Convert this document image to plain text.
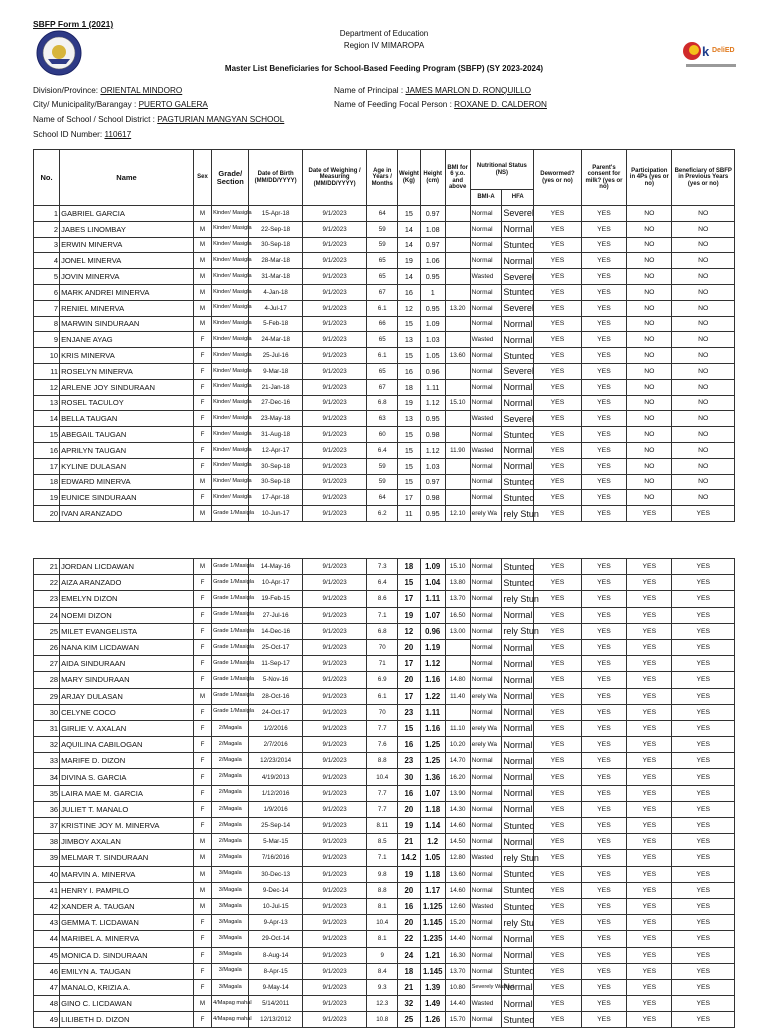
SBFP Form 1 (2021)
k DeliED
Department of Education
Region IV MIMAROPA
Master List Beneficiaries for School-Based Feeding Program (SBFP) (SY 2023-2024)
Division/Province: ORIENTAL MINDORO
City/ Municipality/Barangay : PUERTO GALERA
Name of School / School District : PAGTURIAN MANGYAN SCHOOL
School ID Number: 110617
Name of Principal : JAMES MARLON D. RONQUILLO
Name of Feeding Focal Person : ROXANE D. CALDERON
No.	Name	Sex	Grade/ Section	Date of Birth (MM/DD/YYYY)	Date of Weighing / Measuring (MM/DD/YYYY)	Age in Years / Months	Weight (Kg)	Height (cm)	BMI for 6 y.o. and above	Nutritional Status (NS)		Dewormed? (yes or no)	Parent's consent for milk? (yes or no)	Participation in 4Ps (yes or no)	Beneficiary of SBFP in Previous Years (yes or no)
										BMI-A	HFA				
1	GABRIEL GARCIA	M	Kinder/ Masigla	15-Apr-18	9/1/2023	64	15	0.97		Normal	Severel	YES	YES	NO	NO
2	JABES LINOMBAY	M	Kinder/ Masigla	22-Sep-18	9/1/2023	59	14	1.08		Normal	Normal	YES	YES	NO	NO
3	ERWIN MINERVA	M	Kinder/ Masigla	30-Sep-18	9/1/2023	59	14	0.97		Normal	Stunted	YES	YES	NO	NO
4	JONEL MINERVA	M	Kinder/ Masigla	28-Mar-18	9/1/2023	65	19	1.06		Normal	Normal	YES	YES	NO	NO
5	JOVIN MINERVA	M	Kinder/ Masigla	31-Mar-18	9/1/2023	65	14	0.95		Wasted	Severel	YES	YES	NO	NO
6	MARK ANDREI MINERVA	M	Kinder/ Masigla	4-Jan-18	9/1/2023	67	16	1		Normal	Stunted	YES	YES	NO	NO
7	RENIEL MINERVA	M	Kinder/ Masigla	4-Jul-17	9/1/2023	6.1	12	0.95	13.20	Normal	Severel	YES	YES	NO	NO
8	MARWIN SINDURAAN	M	Kinder/ Masigla	5-Feb-18	9/1/2023	66	15	1.09		Normal	Normal	YES	YES	NO	NO
9	ENJANE AYAG	F	Kinder/ Masigla	24-Mar-18	9/1/2023	65	13	1.03		Wasted	Normal	YES	YES	NO	NO
10	KRIS MINERVA	F	Kinder/ Masigla	25-Jul-16	9/1/2023	6.1	15	1.05	13.60	Normal	Stunted	YES	YES	NO	NO
11	ROSELYN MINERVA	F	Kinder/ Masigla	9-Mar-18	9/1/2023	65	16	0.96		Normal	Severel	YES	YES	NO	NO
12	ARLENE JOY SINDURAAN	F	Kinder/ Masigla	21-Jan-18	9/1/2023	67	18	1.11		Normal	Normal	YES	YES	NO	NO
13	ROSEL TACULOY	F	Kinder/ Masigla	27-Dec-16	9/1/2023	6.8	19	1.12	15.10	Normal	Normal	YES	YES	NO	NO
14	BELLA TAUGAN	F	Kinder/ Masigla	23-May-18	9/1/2023	63	13	0.95		Wasted	Severel	YES	YES	NO	NO
15	ABEGAIL TAUGAN	F	Kinder/ Masigla	31-Aug-18	9/1/2023	60	15	0.98		Normal	Stunted	YES	YES	NO	NO
16	APRILYN TAUGAN	F	Kinder/ Masigla	12-Apr-17	9/1/2023	6.4	15	1.12	11.90	Wasted	Normal	YES	YES	NO	NO
17	KYLINE DULASAN	F	Kinder/ Masigla	30-Sep-18	9/1/2023	59	15	1.03		Normal	Normal	YES	YES	NO	NO
18	EDWARD MINERVA	M	Kinder/ Masigla	30-Sep-18	9/1/2023	59	15	0.97		Normal	Stunted	YES	YES	NO	NO
19	EUNICE SINDURAAN	F	Kinder/ Masigla	17-Apr-18	9/1/2023	64	17	0.98		Normal	Stunted	YES	YES	NO	NO
20	IVAN ARANZADO	M	Grade 1/Masigla	10-Jun-17	9/1/2023	6.2	11	0.95	12.10	erely Wa	rely Stun	YES	YES	YES	YES
21	JORDAN LICDAWAN	M	Grade 1/Masigla	14-May-16	9/1/2023	7.3	18	1.09	15.10	Normal	Stunted	YES	YES	YES	YES
22	AIZA ARANZADO	F	Grade 1/Masigla	10-Apr-17	9/1/2023	6.4	15	1.04	13.80	Normal	Stunted	YES	YES	YES	YES
23	EMELYN DIZON	F	Grade 1/Masigla	19-Feb-15	9/1/2023	8.6	17	1.11	13.70	Normal	rely Stun	YES	YES	YES	YES
24	NOEMI DIZON	F	Grade 1/Masigla	27-Jul-16	9/1/2023	7.1	19	1.07	16.50	Normal	Normal	YES	YES	YES	YES
25	MILET EVANGELISTA	F	Grade 1/Masigla	14-Dec-16	9/1/2023	6.8	12	0.96	13.00	Normal	rely Stun	YES	YES	YES	YES
26	NANA KIM LICDAWAN	F	Grade 1/Masigla	25-Oct-17	9/1/2023	70	20	1.19		Normal	Normal	YES	YES	YES	YES
27	AIDA SINDURAAN	F	Grade 1/Masigla	11-Sep-17	9/1/2023	71	17	1.12		Normal	Normal	YES	YES	YES	YES
28	MARY SINDURAAN	F	Grade 1/Masigla	5-Nov-16	9/1/2023	6.9	20	1.16	14.80	Normal	Normal	YES	YES	YES	YES
29	ARJAY DULASAN	M	Grade 1/Masigla	28-Oct-16	9/1/2023	6.1	17	1.22	11.40	erely Wa	Normal	YES	YES	YES	YES
30	CELYNE COCO	F	Grade 1/Masigla	24-Oct-17	9/1/2023	70	23	1.11		Normal	Normal	YES	YES	YES	YES
31	GIRLIE V. AXALAN	F	2/Magala	1/2/2016	9/1/2023	7.7	15	1.16	11.10	erely Wa	Normal	YES	YES	YES	YES
32	AQUILINA CABILOGAN	F	2/Magala	2/7/2016	9/1/2023	7.6	16	1.25	10.20	erely Wa	Normal	YES	YES	YES	YES
33	MARIFE D. DIZON	F	2/Magala	12/23/2014	9/1/2023	8.8	23	1.25	14.70	Normal	Normal	YES	YES	YES	YES
34	DIVINA S. GARCIA	F	2/Magala	4/19/2013	9/1/2023	10.4	30	1.36	16.20	Normal	Normal	YES	YES	YES	YES
35	LAIRA MAE M. GARCIA	F	2/Magala	1/12/2016	9/1/2023	7.7	16	1.07	13.90	Normal	Normal	YES	YES	YES	YES
36	JULIET T. MANALO	F	2/Magala	1/9/2016	9/1/2023	7.7	20	1.18	14.30	Normal	Normal	YES	YES	YES	YES
37	KRISTINE JOY M. MINERVA	F	2/Magala	25-Sep-14	9/1/2023	8.11	19	1.14	14.60	Normal	Stunted	YES	YES	YES	YES
38	JIMBOY AXALAN	M	2/Magala	5-Mar-15	9/1/2023	8.5	21	1.2	14.50	Normal	Normal	YES	YES	YES	YES
39	MELMAR T. SINDURAAN	M	2/Magala	7/16/2016	9/1/2023	7.1	14.2	1.05	12.80	Wasted	rely Stun	YES	YES	YES	YES
40	MARVIN A. MINERVA	M	3/Magala	30-Dec-13	9/1/2023	9.8	19	1.18	13.60	Normal	Stunted	YES	YES	YES	YES
41	HENRY I. PAMPILO	M	3/Magala	9-Dec-14	9/1/2023	8.8	20	1.17	14.60	Normal	Stunted	YES	YES	YES	YES
42	XANDER A. TAUGAN	M	3/Magala	10-Jul-15	9/1/2023	8.1	16	1.125	12.60	Wasted	Stunted	YES	YES	YES	YES
43	GEMMA T. LICDAWAN	F	3/Magala	9-Apr-13	9/1/2023	10.4	20	1.145	15.20	Normal	rely Stu	YES	YES	YES	YES
44	MARIBEL A. MINERVA	F	3/Magala	29-Oct-14	9/1/2023	8.1	22	1.235	14.40	Normal	Normal	YES	YES	YES	YES
45	MONICA D. SINDURAAN	F	3/Magala	8-Aug-14	9/1/2023	9	24	1.21	16.30	Normal	Normal	YES	YES	YES	YES
46	EMILYN A. TAUGAN	F	3/Magala	8-Apr-15	9/1/2023	8.4	18	1.145	13.70	Normal	Stunted	YES	YES	YES	YES
47	MANALO, KRIZIA A.	F	3/Magala	9-May-14	9/1/2023	9.3	21	1.39	10.80	Severely Wasted	Normal	YES	YES	YES	YES
48	GINO C. LICDAWAN	M	4/Mapag mahal	5/14/2011	9/1/2023	12.3	32	1.49	14.40	Wasted	Normal	YES	YES	YES	YES
49	LILIBETH D. DIZON	F	4/Mapag mahal	12/13/2012	9/1/2023	10.8	25	1.26	15.70	Normal	Stunted	YES	YES	YES	YES
